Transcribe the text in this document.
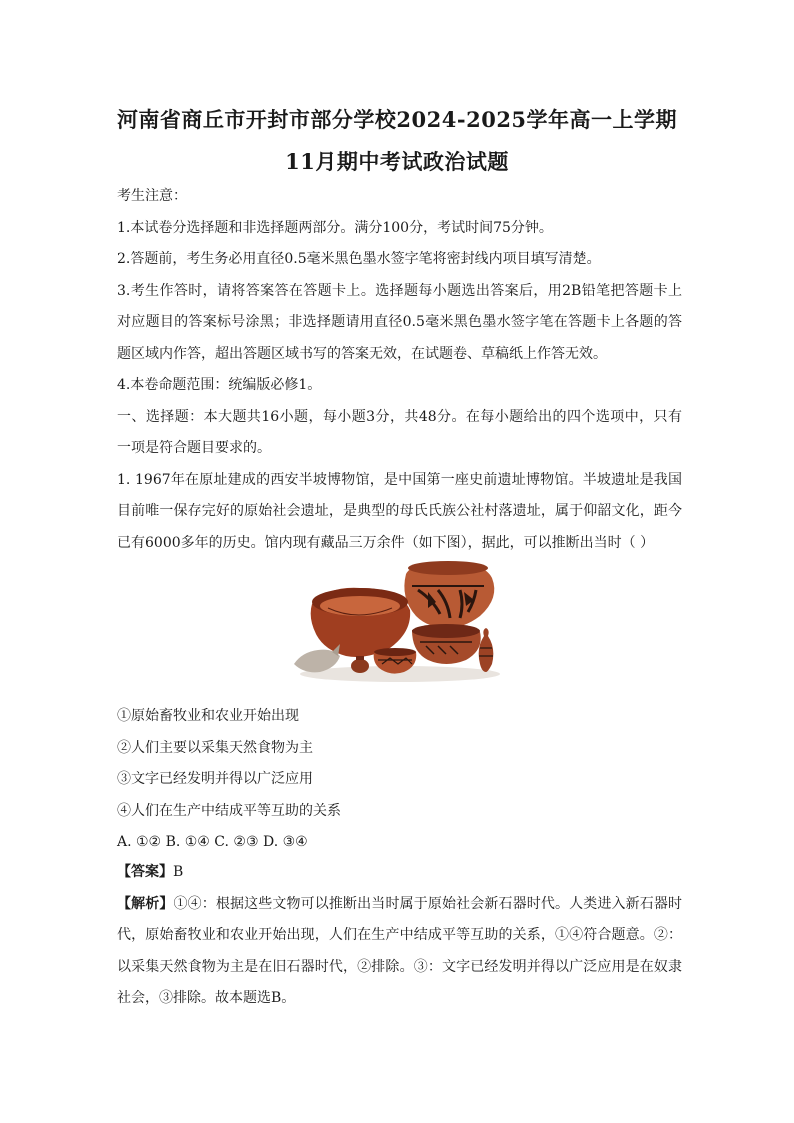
河南省商丘市开封市部分学校2024-2025学年高一上学期
11月期中考试政治试题
考生注意：
1.本试卷分选择题和非选择题两部分。满分100分，考试时间75分钟。
2.答题前，考生务必用直径0.5毫米黑色墨水签字笔将密封线内项目填写清楚。
3.考生作答时，请将答案答在答题卡上。选择题每小题选出答案后，用2B铅笔把答题卡上
对应题目的答案标号涂黑；非选择题请用直径0.5毫米黑色墨水签字笔在答题卡上各题的答
题区域内作答，超出答题区域书写的答案无效，在试题卷、草稿纸上作答无效。
4.本卷命题范围：统编版必修1。
一、选择题：本大题共16小题，每小题3分，共48分。在每小题给出的四个选项中，只有
一项是符合题目要求的。
1. 1967年在原址建成的西安半坡博物馆，是中国第一座史前遗址博物馆。半坡遗址是我国
目前唯一保存完好的原始社会遗址，是典型的母氏氏族公社村落遗址，属于仰韶文化，距今
已有6000多年的历史。馆内现有藏品三万余件（如下图），据此，可以推断出当时（ ）
①原始畜牧业和农业开始出现
②人们主要以采集天然食物为主
③文字已经发明并得以广泛应用
④人们在生产中结成平等互助的关系
A. ①② B. ①④ C. ②③ D. ③④
【答案】B
【解析】①④：根据这些文物可以推断出当时属于原始社会新石器时代。人类进入新石器时
代，原始畜牧业和农业开始出现，人们在生产中结成平等互助的关系，①④符合题意。②：
以采集天然食物为主是在旧石器时代，②排除。③：文字已经发明并得以广泛应用是在奴隶
社会，③排除。故本题选B。
